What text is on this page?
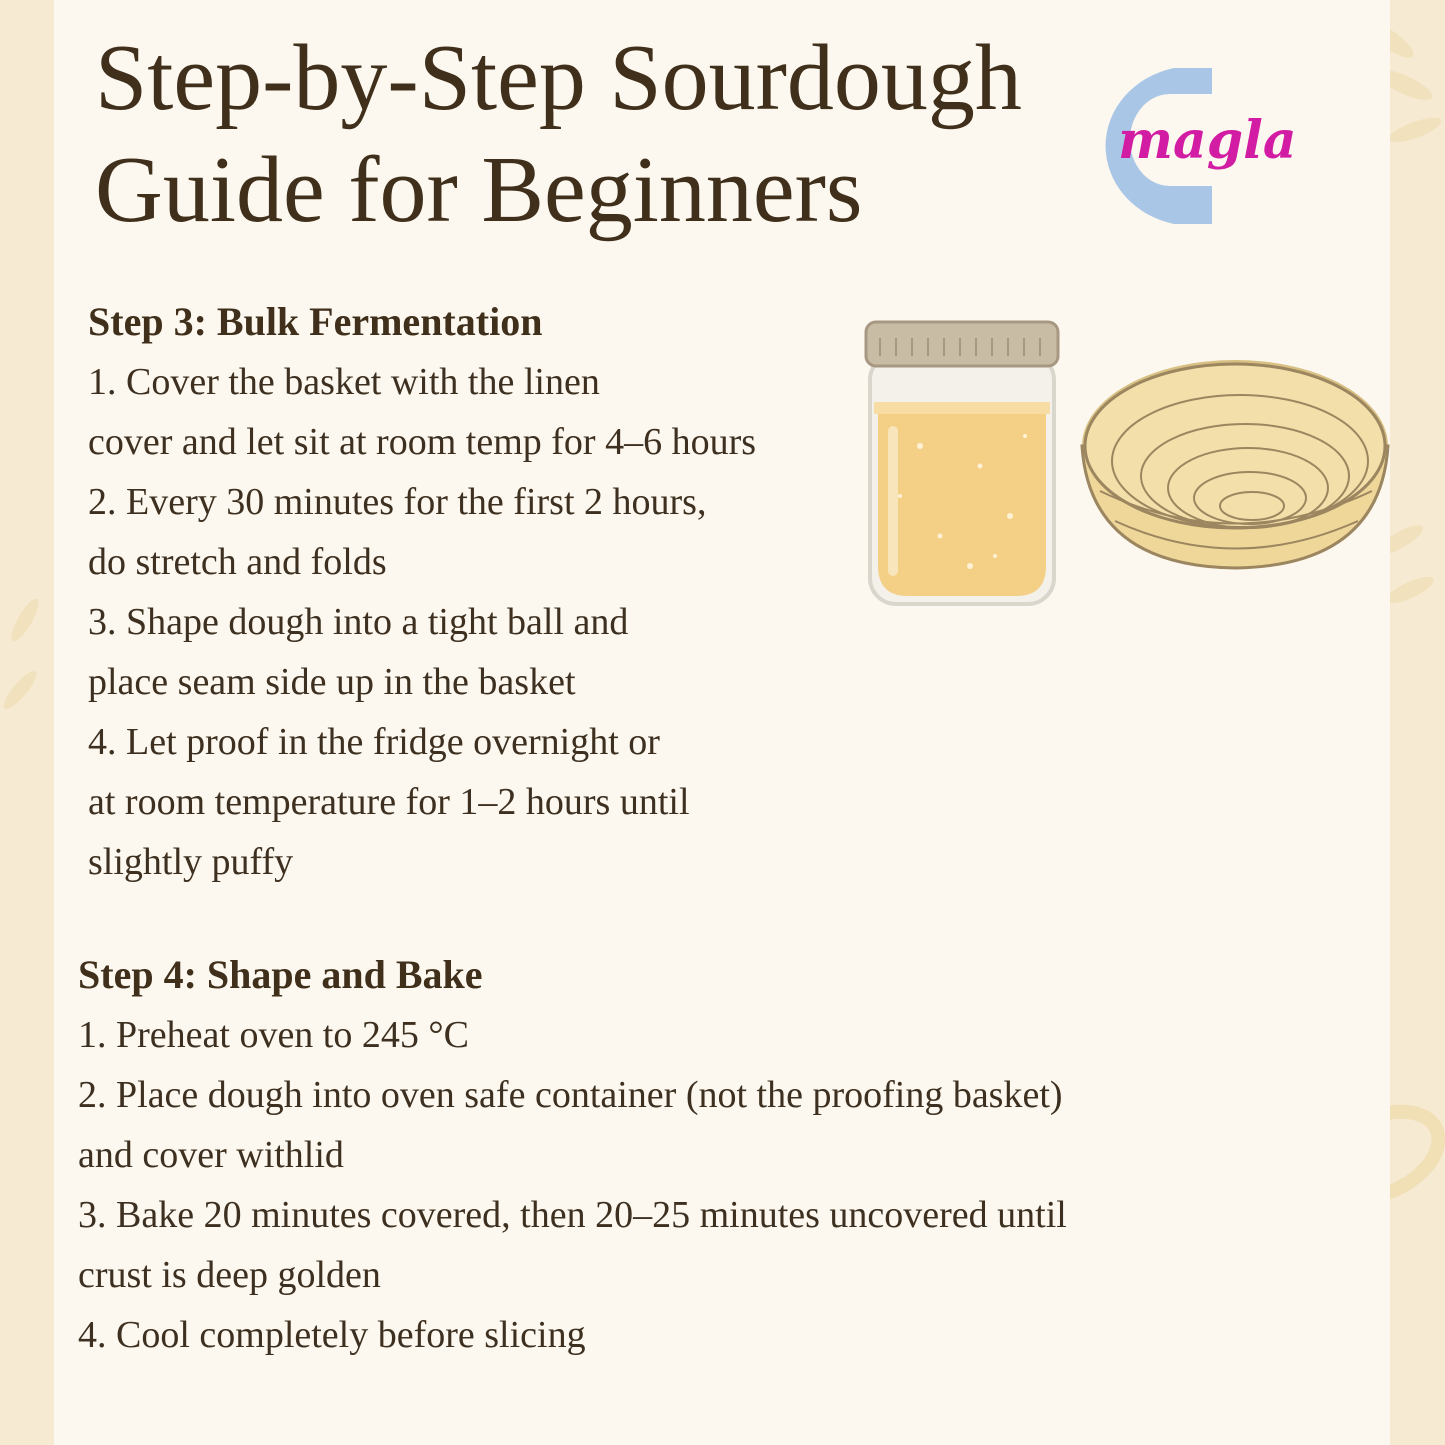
Step-by-Step Sourdough
Guide for Beginners	magla
Step 3: Bulk Fermentation
1. Cover the basket with the linen
cover and let sit at room temp for 4–6 hours
2. Every 30 minutes for the first 2 hours,
do stretch and folds
3. Shape dough into a tight ball and
place seam side up in the basket
4. Let proof in the fridge overnight or
at room temperature for 1–2 hours until
slightly puffy
Step 4: Shape and Bake
1. Preheat oven to 245 °C
2. Place dough into oven safe container (not the proofing basket)
and cover withlid
3. Bake 20 minutes covered, then 20–25 minutes uncovered until
crust is deep golden
4. Cool completely before slicing
